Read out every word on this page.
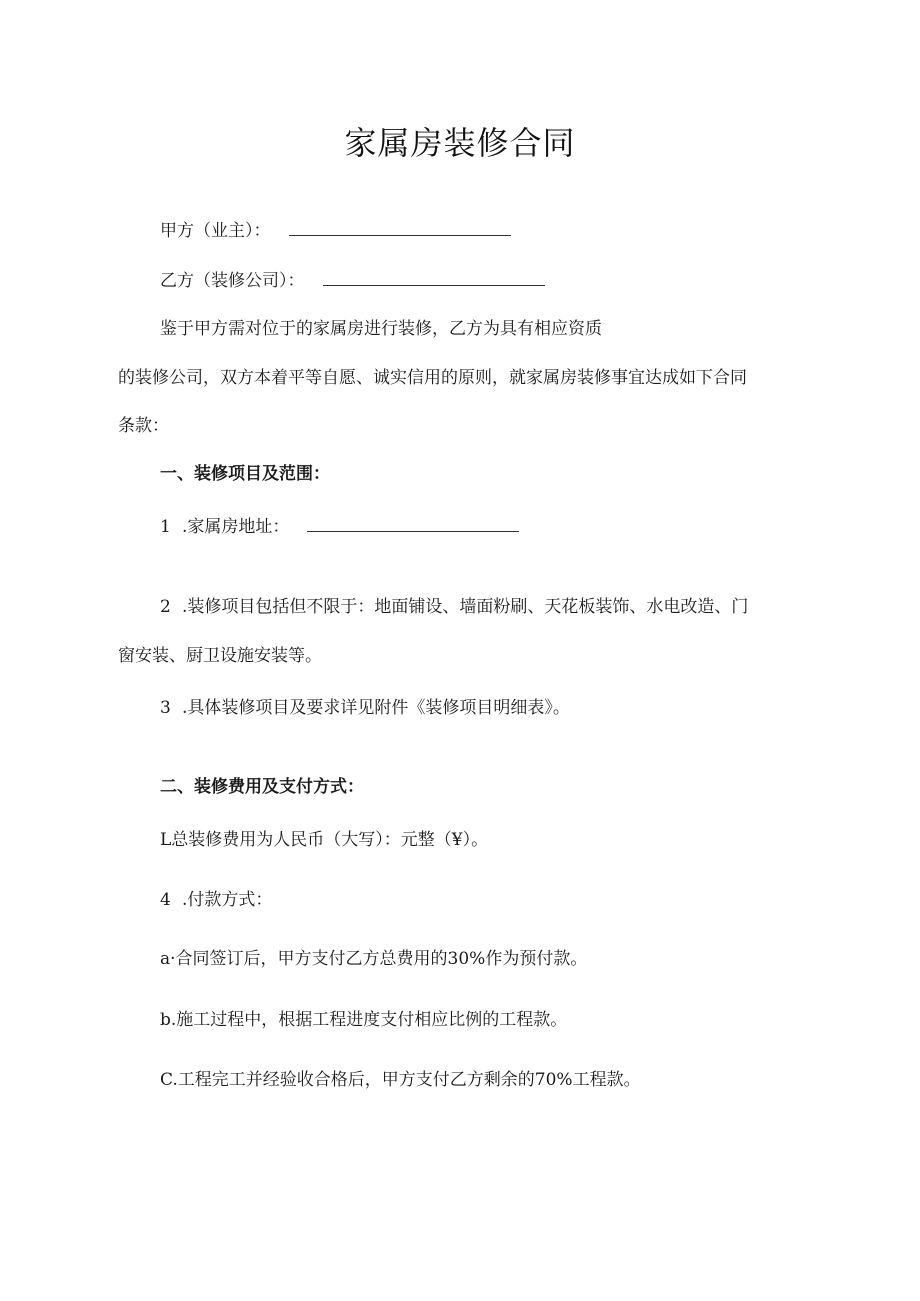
家属房装修合同

甲方（业主）：

乙方（装修公司）：

鉴于甲方需对位于的家属房进行装修，乙方为具有相应资质

的装修公司，双方本着平等自愿、诚实信用的原则，就家属房装修事宜达成如下合同

条款：

一、装修项目及范围：

1 .家属房地址：

2 .装修项目包括但不限于：地面铺设、墙面粉刷、天花板装饰、水电改造、门

窗安装、厨卫设施安装等。

3 .具体装修项目及要求详见附件《装修项目明细表》。

二、装修费用及支付方式：

L总装修费用为人民币（大写）：元整（¥）。

4 .付款方式：

a·合同签订后，甲方支付乙方总费用的30%作为预付款。

b.施工过程中，根据工程进度支付相应比例的工程款。

C.工程完工并经验收合格后，甲方支付乙方剩余的70%工程款。
